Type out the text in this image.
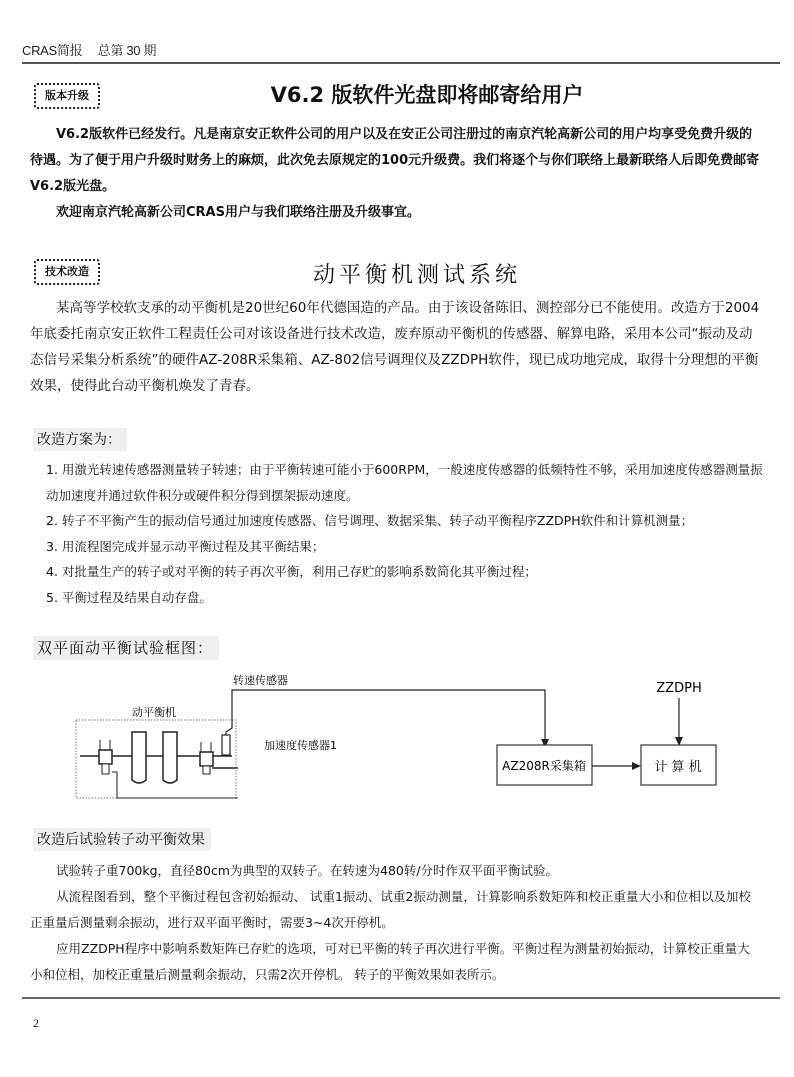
CRAS简报 总第 30 期
版本升级	V6.2 版软件光盘即将邮寄给用户
V6.2版软件已经发行。凡是南京安正软件公司的用户以及在安正公司注册过的南京汽轮高新公司的用户均享受免费升级的待遇。为了便于用户升级时财务上的麻烦，此次免去原规定的100元升级费。我们将逐个与你们联络上最新联络人后即免费邮寄V6.2版光盘。
欢迎南京汽轮高新公司CRAS用户与我们联络注册及升级事宜。
技术改造	动平衡机测试系统
某高等学校软支承的动平衡机是20世纪60年代德国造的产品。由于该设备陈旧、测控部分已不能使用。改造方于2004年底委托南京安正软件工程责任公司对该设备进行技术改造，废弃原动平衡机的传感器、解算电路，采用本公司“振动及动态信号采集分析系统”的硬件AZ-208R采集箱、AZ-802信号调理仪及ZZDPH软件，现已成功地完成，取得十分理想的平衡效果，使得此台动平衡机焕发了青春。
改造方案为：
1. 用激光转速传感器测量转子转速；由于平衡转速可能小于600RPM，一般速度传感器的低频特性不够，采用加速度传感器测量振动加速度并通过软件积分或硬件积分得到摆架振动速度。
2. 转子不平衡产生的振动信号通过加速度传感器、信号调理、数据采集、转子动平衡程序ZZDPH软件和计算机测量；
3. 用流程图完成并显示动平衡过程及其平衡结果；
4. 对批量生产的转子或对平衡的转子再次平衡，利用己存贮的影响系数简化其平衡过程；
5. 平衡过程及结果自动存盘。
双平面动平衡试验框图：
动平衡机
转速传感器
加速度传感器1
AZ208R采集箱	计 算 机
ZZDPH
改造后试验转子动平衡效果
试验转子重700kg，直径80cm为典型的双转子。在转速为480转/分时作双平面平衡试验。
从流程图看到，整个平衡过程包含初始振动、 试重1振动、试重2振动测量，计算影响系数矩阵和校正重量大小和位相以及加校正重量后测量剩余振动，进行双平面平衡时，需要3~4次开停机。
应用ZZDPH程序中影响系数矩阵已存贮的选项，可对已平衡的转子再次进行平衡。平衡过程为测量初始振动，计算校正重量大小和位相，加校正重量后测量剩余振动，只需2次开停机。 转子的平衡效果如表所示。
2
